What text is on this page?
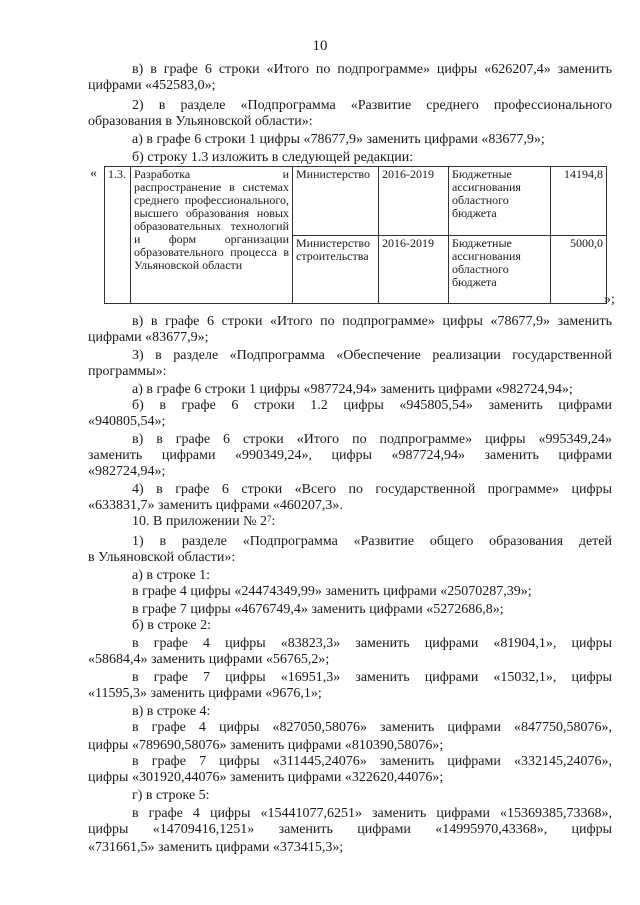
10
в) в графе 6 строки «Итого по подпрограмме» цифры «626207,4» заменить
цифрами «452583,0»;
2) в разделе «Подпрограмма «Развитие среднего профессионального
образования в Ульяновской области»:
а) в графе 6 строки 1 цифры «78677,9» заменить цифрами «83677,9»;
б) строку 1.3 изложить в следующей редакции:
« 1.3.	Разработка и распространение в системах среднего профессионального, высшего образования новых образовательных технологий и форм организации образовательного процесса в Ульяновской области	Министерство	2016-2019	Бюджетные ассигнования областного бюджета	14194,8
		Министерство строительства	2016-2019	Бюджетные ассигнования областного бюджета	5000,0
»;
в) в графе 6 строки «Итого по подпрограмме» цифры «78677,9» заменить
цифрами «83677,9»;
3) в разделе «Подпрограмма «Обеспечение реализации государственной
программы»:
а) в графе 6 строки 1 цифры «987724,94» заменить цифрами «982724,94»;
б) в графе 6 строки 1.2 цифры «945805,54» заменить цифрами
«940805,54»;
в) в графе 6 строки «Итого по подпрограмме» цифры «995349,24»
заменить цифрами «990349,24», цифры «987724,94» заменить цифрами
«982724,94»;
4) в графе 6 строки «Всего по государственной программе» цифры
«633831,7» заменить цифрами «460207,3».
10. В приложении № $2^7$:
1) в разделе «Подпрограмма «Развитие общего образования детей
в Ульяновской области»:
а) в строке 1:
в графе 4 цифры «24474349,99» заменить цифрами «25070287,39»;
в графе 7 цифры «4676749,4» заменить цифрами «5272686,8»;
б) в строке 2:
в графе 4 цифры «83823,3» заменить цифрами «81904,1», цифры
«58684,4» заменить цифрами «56765,2»;
в графе 7 цифры «16951,3» заменить цифрами «15032,1», цифры
«11595,3» заменить цифрами «9676,1»;
в) в строке 4:
в графе 4 цифры «827050,58076» заменить цифрами «847750,58076»,
цифры «789690,58076» заменить цифрами «810390,58076»;
в графе 7 цифры «311445,24076» заменить цифрами «332145,24076»,
цифры «301920,44076» заменить цифрами «322620,44076»;
г) в строке 5:
в графе 4 цифры «15441077,6251» заменить цифрами «15369385,73368»,
цифры «14709416,1251» заменить цифрами «14995970,43368», цифры
«731661,5» заменить цифрами «373415,3»;
